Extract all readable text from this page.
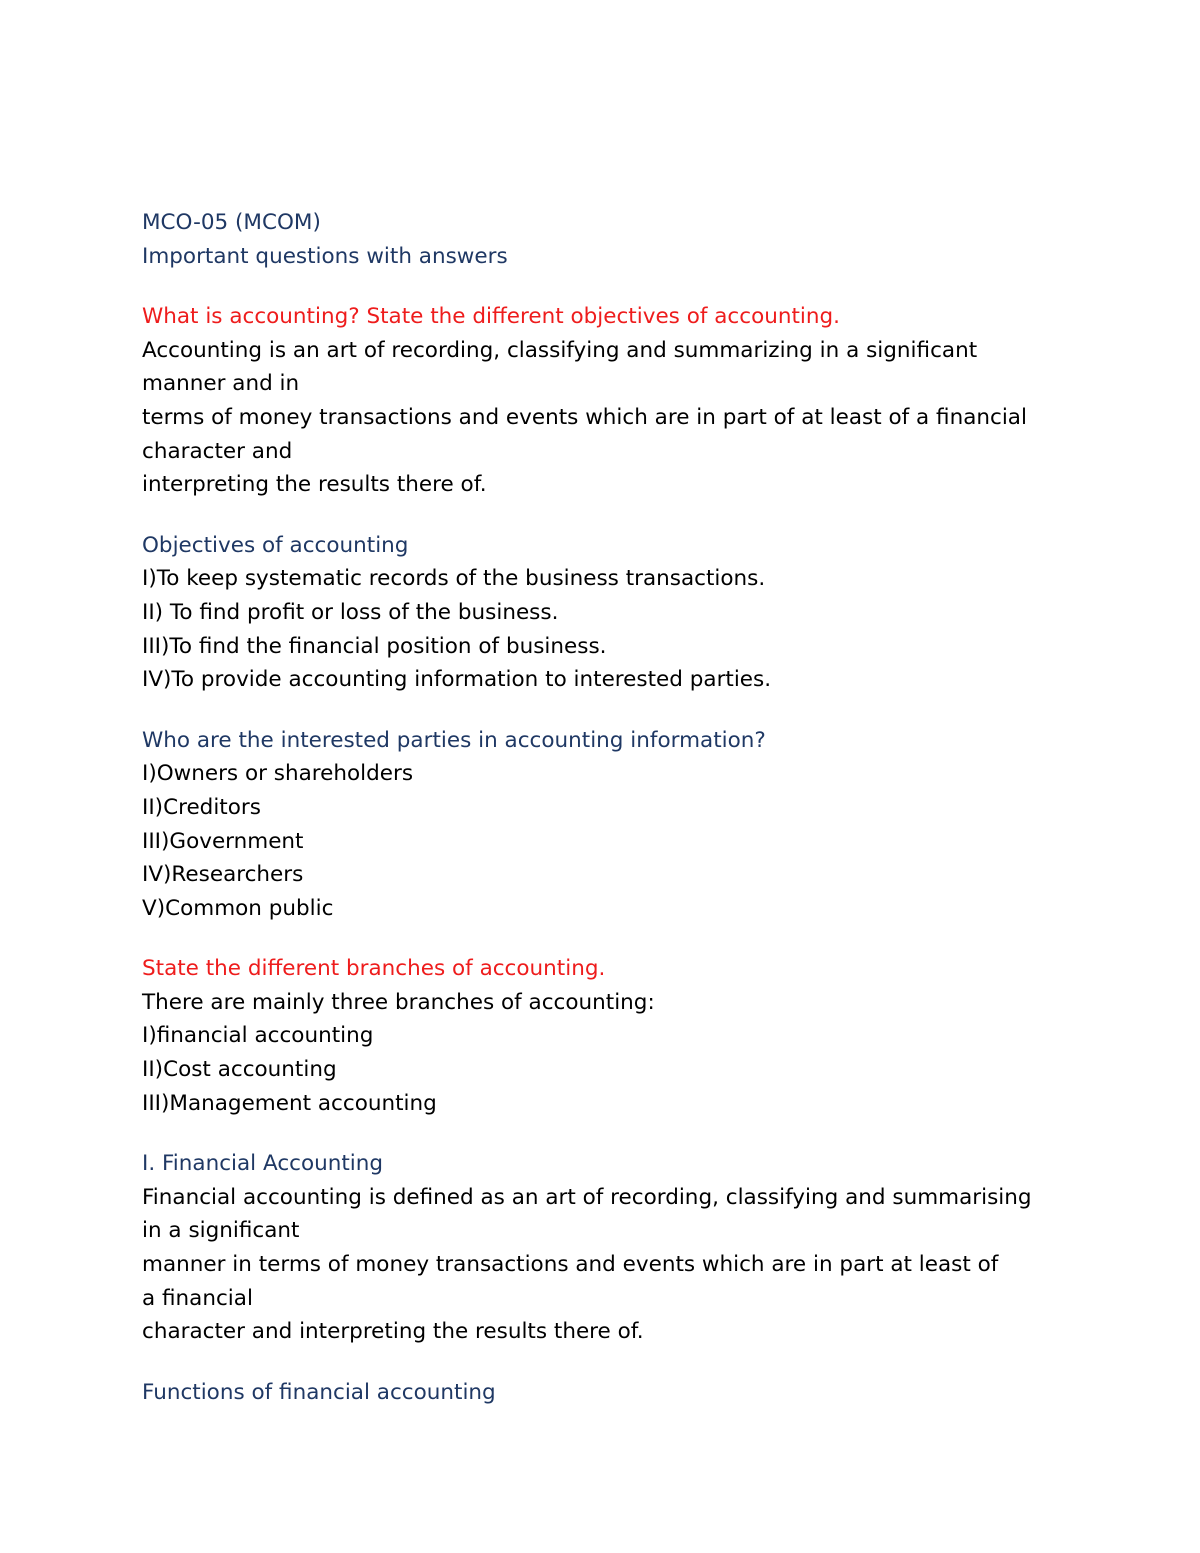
MCO-05 (MCOM)

Important questions with answers

What is accounting? State the different objectives of accounting.

Accounting is an art of recording, classifying and summarizing in a significant

manner and in

terms of money transactions and events which are in part of at least of a financial

character and

interpreting the results there of.

Objectives of accounting

I)To keep systematic records of the business transactions.

II) To find profit or loss of the business.

III)To find the financial position of business.

IV)To provide accounting information to interested parties.

Who are the interested parties in accounting information?

I)Owners or shareholders

II)Creditors

III)Government

IV)Researchers

V)Common public

State the different branches of accounting.

There are mainly three branches of accounting:

I)financial accounting

II)Cost accounting

III)Management accounting

I. Financial Accounting

Financial accounting is defined as an art of recording, classifying and summarising

in a significant

manner in terms of money transactions and events which are in part at least of

a financial

character and interpreting the results there of.

Functions of financial accounting
